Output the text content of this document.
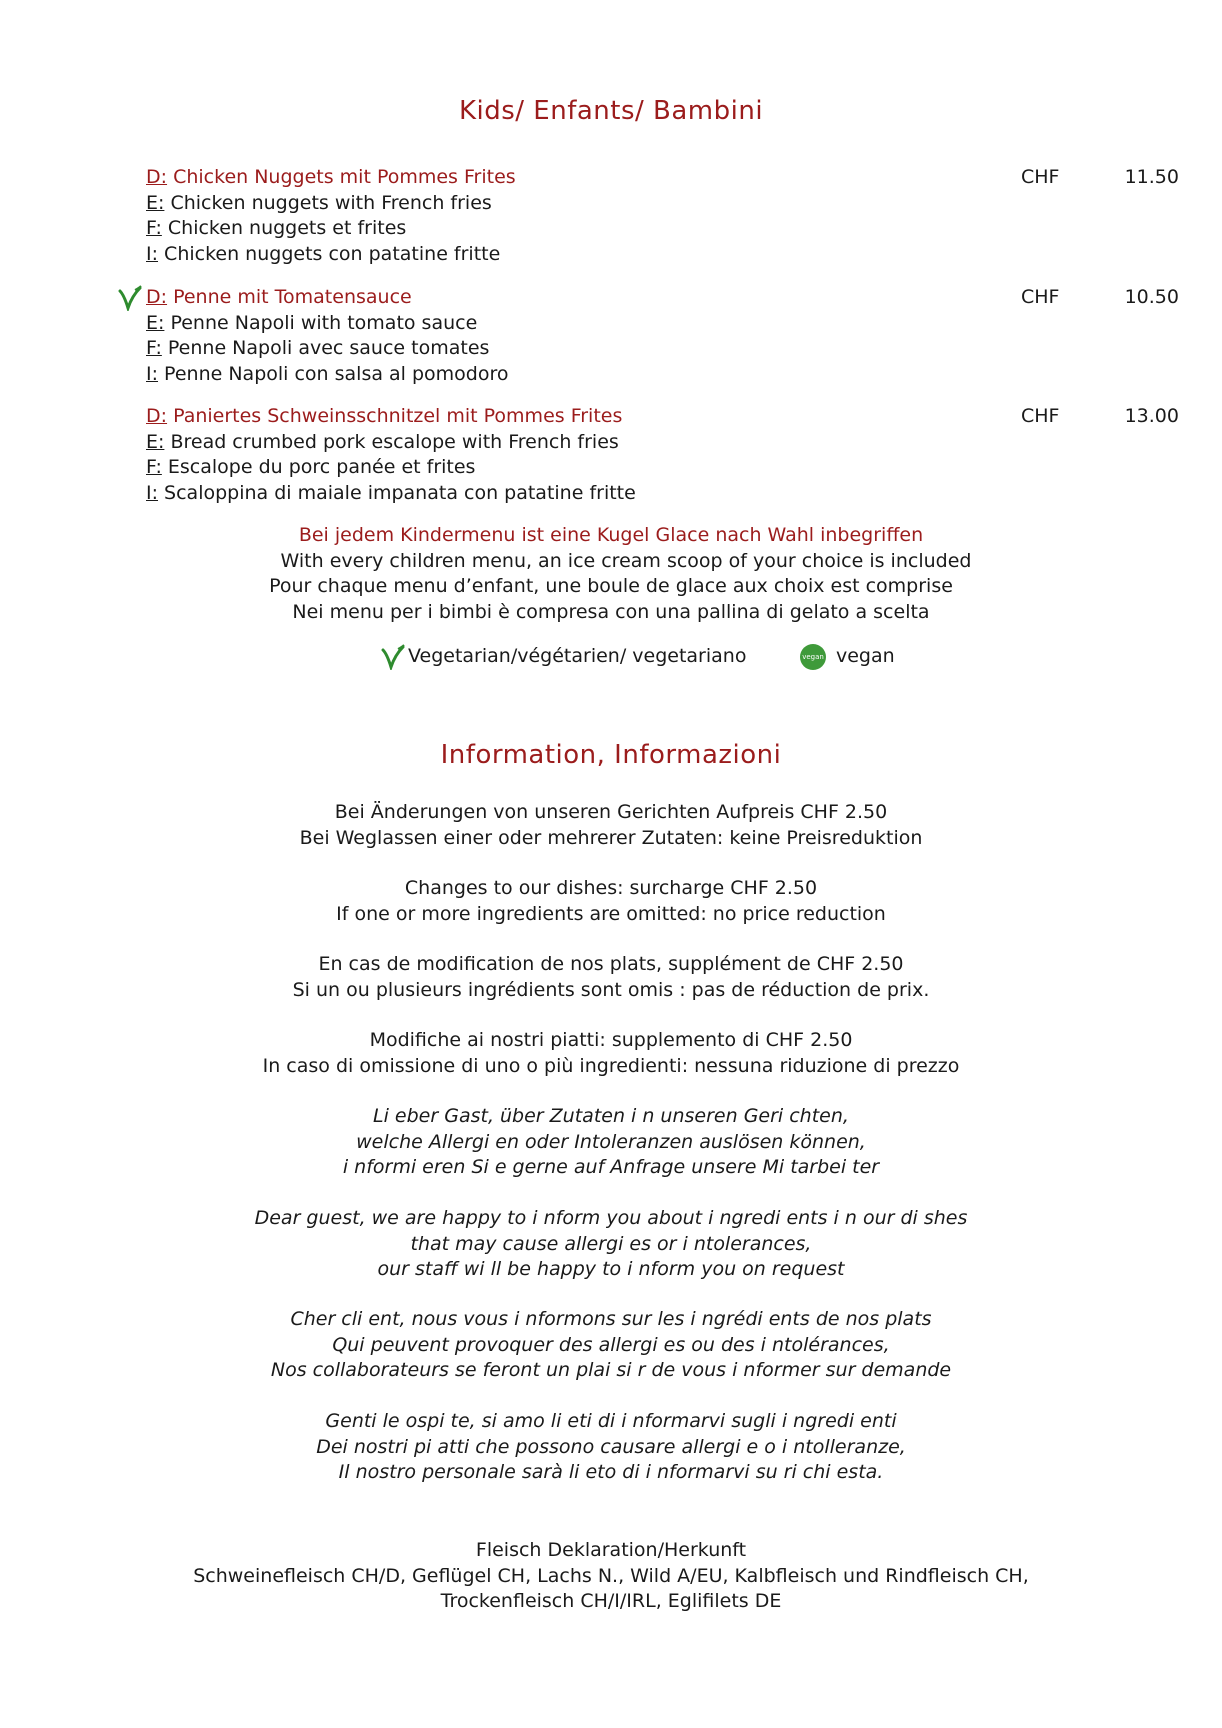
Kids/ Enfants/ Bambini
D: Chicken Nuggets mit Pommes Frites
E: Chicken nuggets with French fries
F: Chicken nuggets et frites
I: Chicken nuggets con patatine fritte
CHF	11.50
D: Penne mit Tomatensauce
E: Penne Napoli with tomato sauce
F: Penne Napoli avec sauce tomates
I: Penne Napoli con salsa al pomodoro
CHF	10.50
D: Paniertes Schweinsschnitzel mit Pommes Frites
E: Bread crumbed pork escalope with French fries
F: Escalope du porc panée et frites
I: Scaloppina di maiale impanata con patatine fritte
CHF	13.00
Bei jedem Kindermenu ist eine Kugel Glace nach Wahl inbegriffen
With every children menu, an ice cream scoop of your choice is included
Pour chaque menu d’enfant, une boule de glace aux choix est comprise
Nei menu per i bimbi è compresa con una pallina di gelato a scelta
Vegetarian/végétarien/ vegetariano	vegan vegan
Information, Informazioni
Bei Änderungen von unseren Gerichten Aufpreis CHF 2.50
Bei Weglassen einer oder mehrerer Zutaten: keine Preisreduktion
Changes to our dishes: surcharge CHF 2.50
If one or more ingredients are omitted: no price reduction
En cas de modification de nos plats, supplément de CHF 2.50
Si un ou plusieurs ingrédients sont omis : pas de réduction de prix.
Modifiche ai nostri piatti: supplemento di CHF 2.50
In caso di omissione di uno o più ingredienti: nessuna riduzione di prezzo
Li eber Gast, über Zutaten i n unseren Geri chten,
welche Allergi en oder Intoleranzen auslösen können,
i nformi eren Si e gerne auf Anfrage unsere Mi tarbei ter
Dear guest, we are happy to i nform you about i ngredi ents i n our di shes
that may cause allergi es or i ntolerances,
our staff wi ll be happy to i nform you on request
Cher cli ent, nous vous i nformons sur les i ngrédi ents de nos plats
Qui peuvent provoquer des allergi es ou des i ntolérances,
Nos collaborateurs se feront un plai si r de vous i nformer sur demande
Genti le ospi te, si amo li eti di i nformarvi sugli i ngredi enti
Dei nostri pi atti che possono causare allergi e o i ntolleranze,
Il nostro personale sarà li eto di i nformarvi su ri chi esta.
Fleisch Deklaration/Herkunft
Schweinefleisch CH/D, Geflügel CH, Lachs N., Wild A/EU, Kalbfleisch und Rindfleisch CH,
Trockenfleisch CH/I/IRL, Eglifilets DE
